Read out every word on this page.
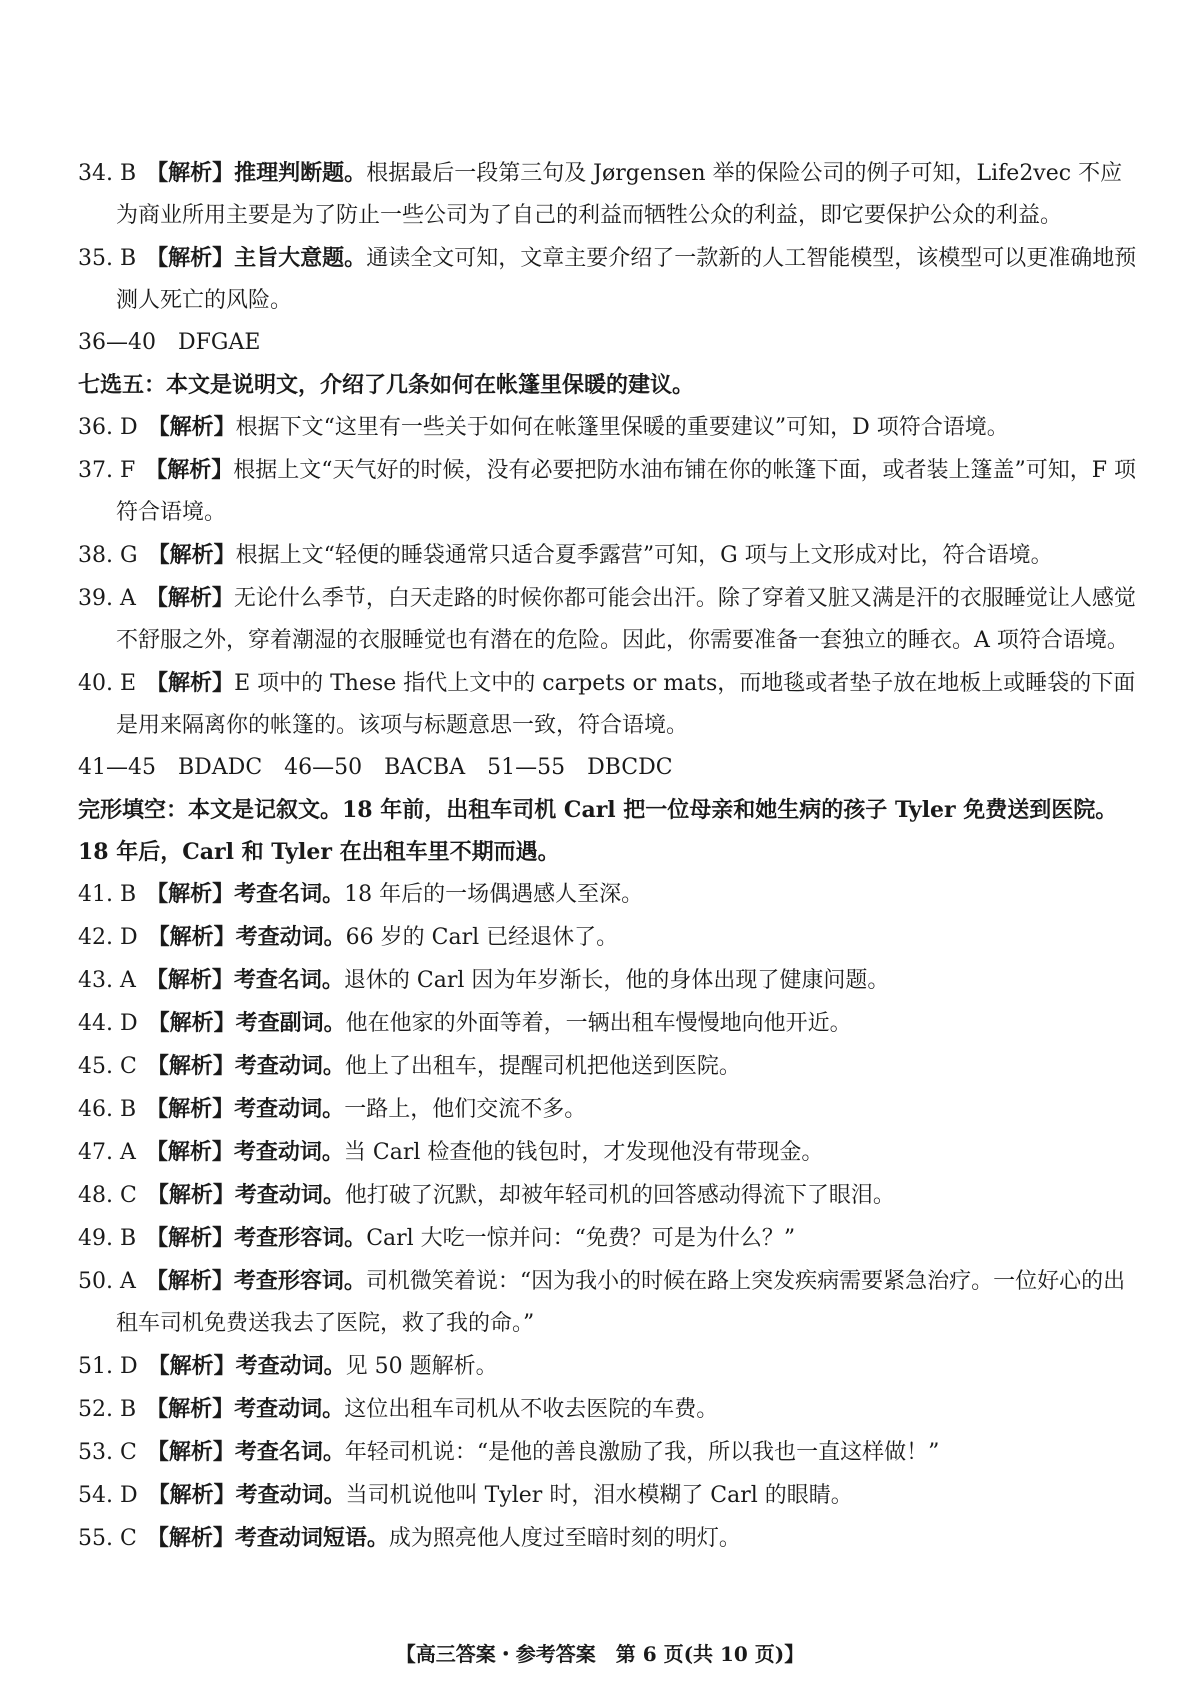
34. B 【解析】推理判断题。根据最后一段第三句及 Jørgensen 举的保险公司的例子可知，Life2vec 不应为商业所用主要是为了防止一些公司为了自己的利益而牺牲公众的利益，即它要保护公众的利益。
35. B 【解析】主旨大意题。通读全文可知，文章主要介绍了一款新的人工智能模型，该模型可以更准确地预测人死亡的风险。
36—40　DFGAE
七选五：本文是说明文，介绍了几条如何在帐篷里保暖的建议。
36. D 【解析】根据下文“这里有一些关于如何在帐篷里保暖的重要建议”可知，D 项符合语境。
37. F 【解析】根据上文“天气好的时候，没有必要把防水油布铺在你的帐篷下面，或者装上篷盖”可知，F 项符合语境。
38. G 【解析】根据上文“轻便的睡袋通常只适合夏季露营”可知，G 项与上文形成对比，符合语境。
39. A 【解析】无论什么季节，白天走路的时候你都可能会出汗。除了穿着又脏又满是汗的衣服睡觉让人感觉不舒服之外，穿着潮湿的衣服睡觉也有潜在的危险。因此，你需要准备一套独立的睡衣。A 项符合语境。
40. E 【解析】E 项中的 These 指代上文中的 carpets or mats，而地毯或者垫子放在地板上或睡袋的下面是用来隔离你的帐篷的。该项与标题意思一致，符合语境。
41—45　BDADC　46—50　BACBA　51—55　DBCDC
完形填空：本文是记叙文。18 年前，出租车司机 Carl 把一位母亲和她生病的孩子 Tyler 免费送到医院。18 年后，Carl 和 Tyler 在出租车里不期而遇。
41. B 【解析】考查名词。18 年后的一场偶遇感人至深。
42. D 【解析】考查动词。66 岁的 Carl 已经退休了。
43. A 【解析】考查名词。退休的 Carl 因为年岁渐长，他的身体出现了健康问题。
44. D 【解析】考查副词。他在他家的外面等着，一辆出租车慢慢地向他开近。
45. C 【解析】考查动词。他上了出租车，提醒司机把他送到医院。
46. B 【解析】考查动词。一路上，他们交流不多。
47. A 【解析】考查动词。当 Carl 检查他的钱包时，才发现他没有带现金。
48. C 【解析】考查动词。他打破了沉默，却被年轻司机的回答感动得流下了眼泪。
49. B 【解析】考查形容词。Carl 大吃一惊并问：“免费？可是为什么？”
50. A 【解析】考查形容词。司机微笑着说：“因为我小的时候在路上突发疾病需要紧急治疗。一位好心的出租车司机免费送我去了医院，救了我的命。”
51. D 【解析】考查动词。见 50 题解析。
52. B 【解析】考查动词。这位出租车司机从不收去医院的车费。
53. C 【解析】考查名词。年轻司机说：“是他的善良激励了我，所以我也一直这样做！”
54. D 【解析】考查动词。当司机说他叫 Tyler 时，泪水模糊了 Carl 的眼睛。
55. C 【解析】考查动词短语。成为照亮他人度过至暗时刻的明灯。
【高三答案・参考答案　第 6 页(共 10 页)】
